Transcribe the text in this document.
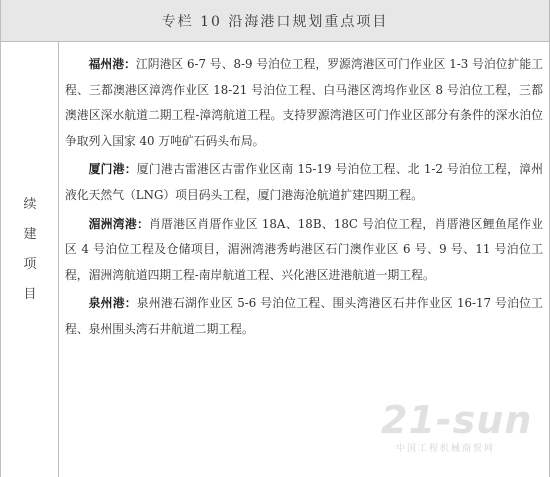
专栏 10 沿海港口规划重点项目
续
建
项
目

福州港：江阴港区 6-7 号、8-9 号泊位工程，罗源湾港区可门作业区 1-3 号泊位扩能工程、三都澳港区漳湾作业区 18-21 号泊位工程、白马港区湾坞作业区 8 号泊位工程，三都澳港区深水航道二期工程-漳湾航道工程。支持罗源湾港区可门作业区部分有条件的深水泊位争取列入国家 40 万吨矿石码头布局。

厦门港：厦门港古雷港区古雷作业区南 15-19 号泊位工程、北 1-2 号泊位工程，漳州液化天然气（LNG）项目码头工程，厦门港海沧航道扩建四期工程。

湄洲湾港：肖厝港区肖厝作业区 18A、18B、18C 号泊位工程，肖厝港区鲤鱼尾作业区 4 号泊位工程及仓储项目，湄洲湾港秀屿港区石门澳作业区 6 号、9 号、11 号泊位工程，湄洲湾航道四期工程-南岸航道工程、兴化港区进港航道一期工程。

泉州港：泉州港石湖作业区 5-6 号泊位工程、围头湾港区石井作业区 16-17 号泊位工程、泉州围头湾石井航道二期工程。

21-sun
中国工程机械商贸网
